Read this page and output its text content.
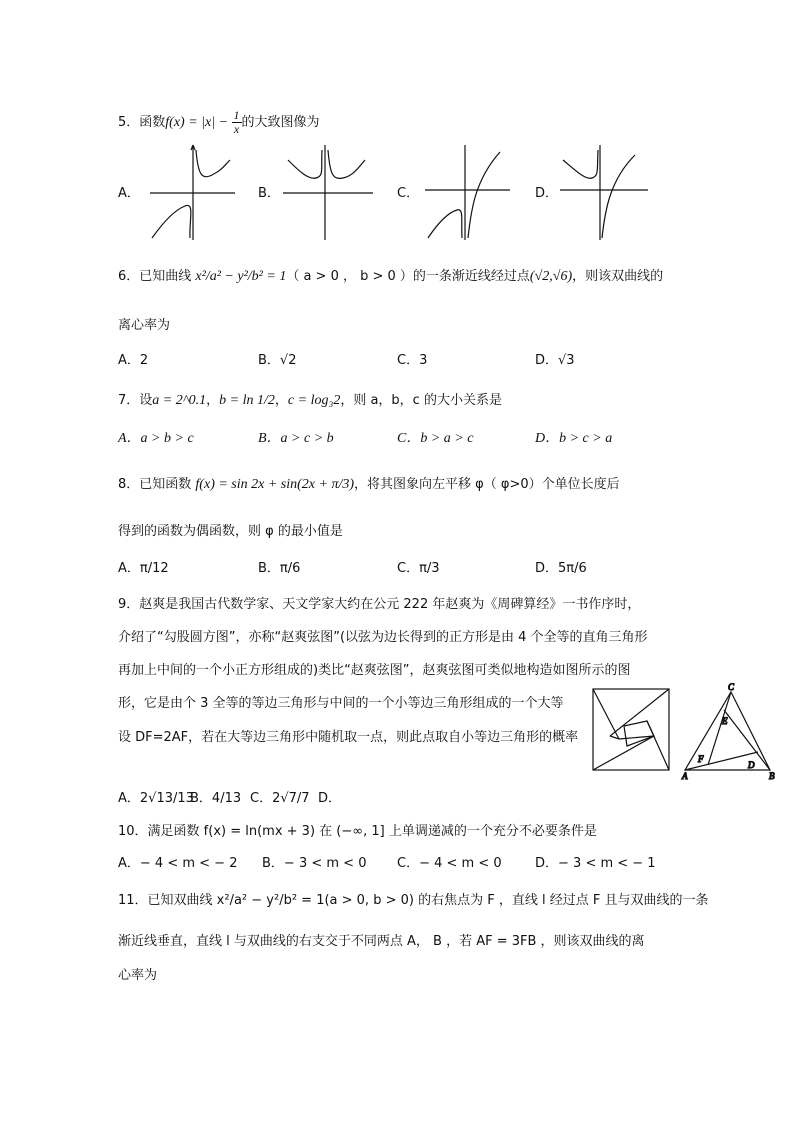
5．函数$f(x) = |x| - \frac{1}{x}$ 的大致图像为
A．	B．	C．	D．
6．已知曲线 x²/a² − y²/b² = 1（ a > 0 ， b > 0 ）的一条渐近线经过点(√2,√6)，则该双曲线的
离心率为
A．2	B．√2	C．3	D．√3
7．设a = 2^0.1，b = ln 1/2，c = log₃2，则 a，b，c 的大小关系是
A．a > b > c	B．a > c > b	C．b > a > c	D．b > c > a
8．已知函数 f(x) = sin 2x + sin(2x + π/3)，将其图象向左平移 φ（ φ>0）个单位长度后
得到的函数为偶函数，则 φ 的最小值是
A．π/12	B．π/6	C．π/3	D．5π/6
9．赵爽是我国古代数学家、天文学家大约在公元 222 年赵爽为《周碑算经》一书作序时，
介绍了“勾股圆方图”，亦称“赵爽弦图”(以弦为边长得到的正方形是由 4 个全等的直角三角形
再加上中间的一个小正方形组成的)类比“赵爽弦图”，赵爽弦图可类似地构造如图所示的图
形，它是由个 3 全等的等边三角形与中间的一个小等边三角形组成的一个大等
设 DF=2AF，若在大等边三角形中随机取一点，则此点取自小等边三角形的概率
C
A	B
D
E
F
A．2√13/13
B．4/13 C．2√7/7 D．
10．满足函数 f(x) = ln(mx + 3) 在 (−∞, 1] 上单调递减的一个充分不必要条件是
A．− 4 < m < − 2 B．− 3 < m < 0 C．− 4 < m < 0	D．− 3 < m < − 1
11．已知双曲线 x²/a² − y²/b² = 1(a > 0, b > 0) 的右焦点为 F ，直线 l 经过点 F 且与双曲线的一条
渐近线垂直，直线 l 与双曲线的右支交于不同两点 A， B ，若 AF = 3FB ，则该双曲线的离
心率为
